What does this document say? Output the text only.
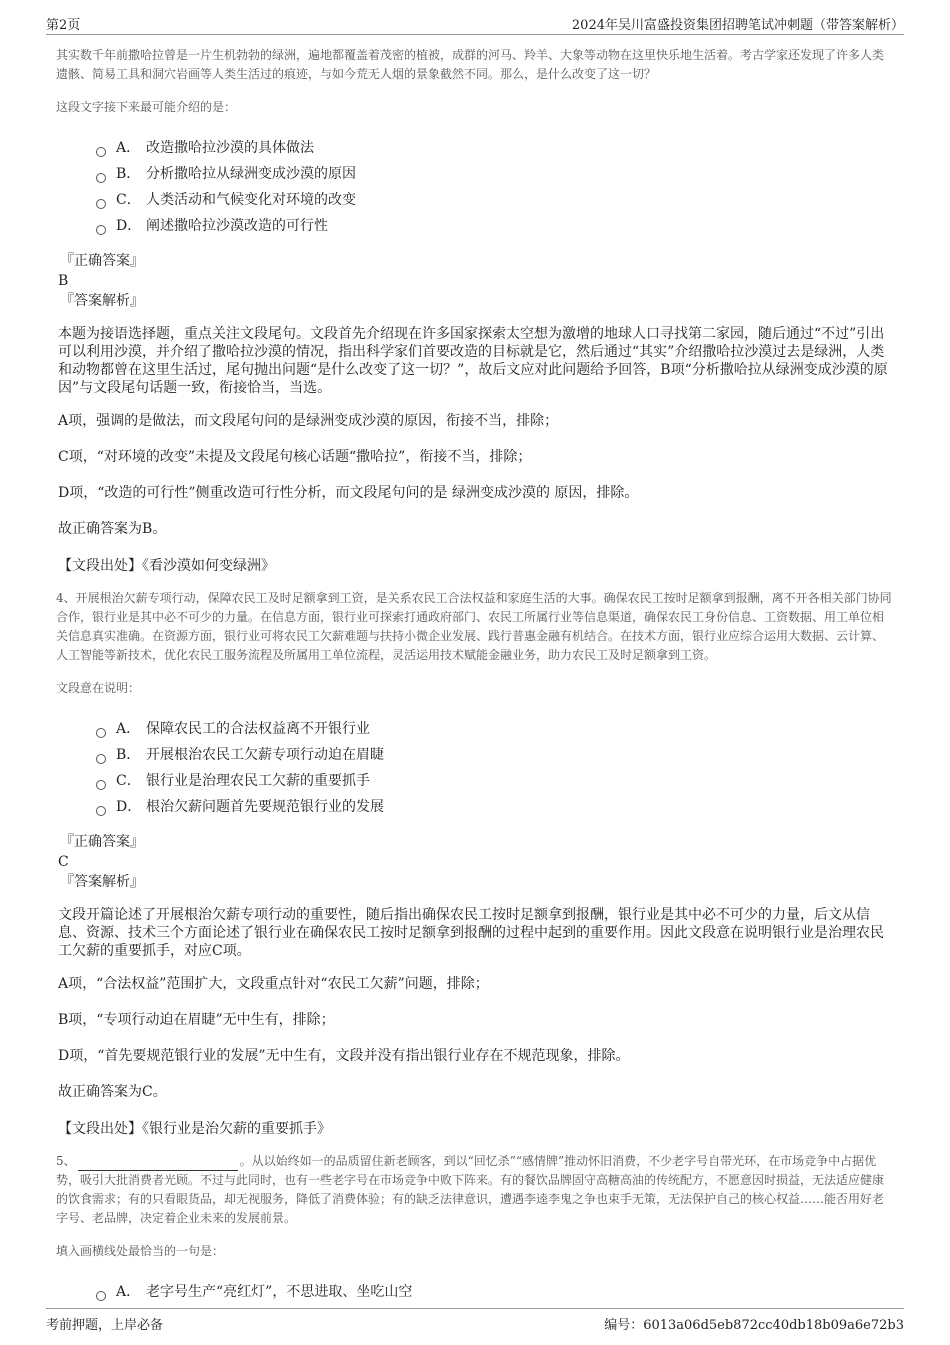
第2页	2024年吴川富盛投资集团招聘笔试冲刺题（带答案解析）

其实数千年前撒哈拉曾是一片生机勃勃的绿洲，遍地都覆盖着茂密的植被，成群的河马、羚羊、大象等动物在这里快乐地生活着。考古学家还发现了许多人类遗骸、简易工具和洞穴岩画等人类生活过的痕迹，与如今荒无人烟的景象截然不同。那么，是什么改变了这一切？

这段文字接下来最可能介绍的是：

A． 改造撒哈拉沙漠的具体做法
B． 分析撒哈拉从绿洲变成沙漠的原因
C． 人类活动和气候变化对环境的改变
D． 阐述撒哈拉沙漠改造的可行性
『正确答案』
B
『答案解析』
本题为接语选择题，重点关注文段尾句。文段首先介绍现在许多国家探索太空想为激增的地球人口寻找第二家园，随后通过“不过”引出可以利用沙漠，并介绍了撒哈拉沙漠的情况，指出科学家们首要改造的目标就是它，然后通过“其实”介绍撒哈拉沙漠过去是绿洲，人类和动物都曾在这里生活过，尾句抛出问题“是什么改变了这一切？”，故后文应对此问题给予回答，B项“分析撒哈拉从绿洲变成沙漠的原因”与文段尾句话题一致，衔接恰当，当选。
A项，强调的是做法，而文段尾句问的是绿洲变成沙漠的原因，衔接不当，排除；
C项，“对环境的改变”未提及文段尾句核心话题“撒哈拉”，衔接不当，排除；
D项，“改造的可行性”侧重改造可行性分析，而文段尾句问的是 绿洲变成沙漠的 原因，排除。
故正确答案为B。
【文段出处】《看沙漠如何变绿洲》

4、开展根治欠薪专项行动，保障农民工及时足额拿到工资，是关系农民工合法权益和家庭生活的大事。确保农民工按时足额拿到报酬，离不开各相关部门协同合作，银行业是其中必不可少的力量。在信息方面，银行业可探索打通政府部门、农民工所属行业等信息渠道，确保农民工身份信息、工资数据、用工单位相关信息真实准确。在资源方面，银行业可将农民工欠薪难题与扶持小微企业发展、践行普惠金融有机结合。在技术方面，银行业应综合运用大数据、云计算、人工智能等新技术，优化农民工服务流程及所属用工单位流程，灵活运用技术赋能金融业务，助力农民工及时足额拿到工资。

文段意在说明：

A． 保障农民工的合法权益离不开银行业
B． 开展根治农民工欠薪专项行动迫在眉睫
C． 银行业是治理农民工欠薪的重要抓手
D． 根治欠薪问题首先要规范银行业的发展
『正确答案』
C
『答案解析』
文段开篇论述了开展根治欠薪专项行动的重要性，随后指出确保农民工按时足额拿到报酬，银行业是其中必不可少的力量，后文从信息、资源、技术三个方面论述了银行业在确保农民工按时足额拿到报酬的过程中起到的重要作用。因此文段意在说明银行业是治理农民工欠薪的重要抓手，对应C项。
A项，“合法权益”范围扩大，文段重点针对“农民工欠薪”问题，排除；
B项，“专项行动迫在眉睫”无中生有，排除；
D项，“首先要规范银行业的发展”无中生有，文段并没有指出银行业存在不规范现象，排除。
故正确答案为C。
【文段出处】《银行业是治欠薪的重要抓手》

5、	。从以始终如一的品质留住新老顾客，到以“回忆杀”“感情牌”推动怀旧消费，不少老字号自带光环，在市场竞争中占据优势，吸引大批消费者光顾。不过与此同时，也有一些老字号在市场竞争中败下阵来。有的餐饮品牌固守高糖高油的传统配方，不愿意因时损益，无法适应健康的饮食需求；有的只看眼货品，却无视服务，降低了消费体验；有的缺乏法律意识，遭遇李逵李鬼之争也束手无策，无法保护自己的核心权益……能否用好老字号、老品牌，决定着企业未来的发展前景。

填入画横线处最恰当的一句是：

A． 老字号生产“亮红灯”，不思进取、坐吃山空
考前押题，上岸必备	编号：6013a06d5eb872cc40db18b09a6e72b3
